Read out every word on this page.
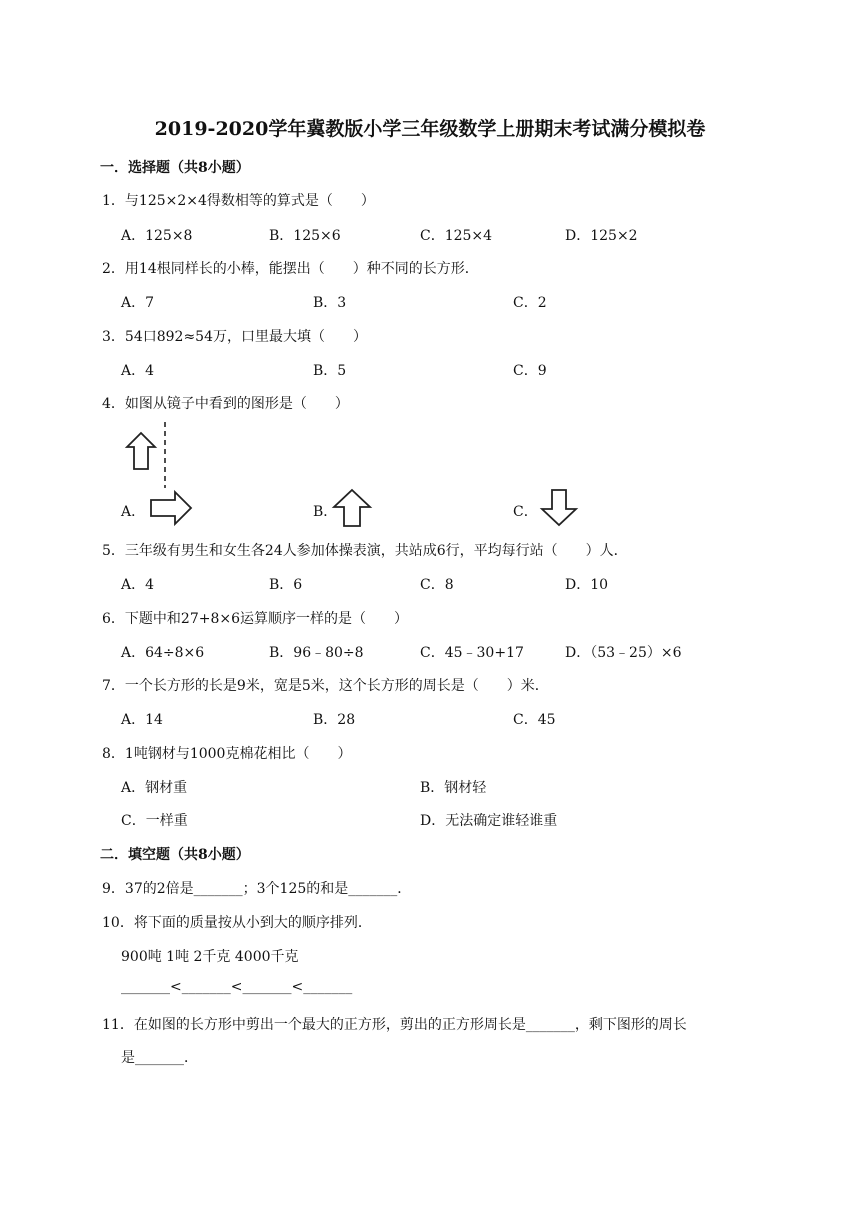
2019-2020学年冀教版小学三年级数学上册期末考试满分模拟卷
一．选择题（共8小题）
1．与125×2×4得数相等的算式是（　　）
A．125×8	B．125×6	C．125×4	D．125×2
2．用14根同样长的小棒，能摆出（　　）种不同的长方形．
A．7	B．3	C．2
3．54口892≈54万，口里最大填（　　）
A．4	B．5	C．9
4．如图从镜子中看到的图形是（　　）
A．	B．	C．
5．三年级有男生和女生各24人参加体操表演，共站成6行，平均每行站（　　）人．
A．4	B．6	C．8	D．10
6．下题中和27+8×6运算顺序一样的是（　　）
A．64÷8×6	B．96﹣80÷8	C．45﹣30+17	D．（53﹣25）×6
7．一个长方形的长是9米，宽是5米，这个长方形的周长是（　　）米．
A．14	B．28	C．45
8．1吨钢材与1000克棉花相比（　　）
A．钢材重	B．钢材轻
C．一样重	D．无法确定谁轻谁重
二．填空题（共8小题）
9．37的2倍是_______；3个125的和是_______．
10．将下面的质量按从小到大的顺序排列．
900吨 1吨 2千克 4000千克
_______<_______<_______<_______
11．在如图的长方形中剪出一个最大的正方形，剪出的正方形周长是_______，剩下图形的周长
是_______．
